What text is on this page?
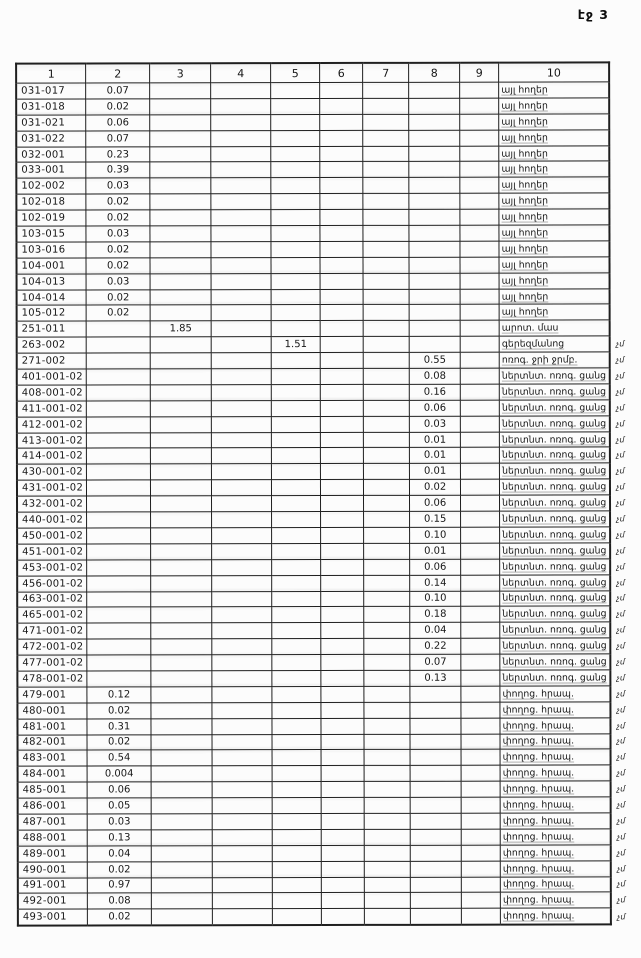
էջ 3
1	2	3	4	5	6	7	8	9	10	
031-017	0.07								այլ հողեր	
031-018	0.02								այլ հողեր	
031-021	0.06								այլ հողեր	
031-022	0.07								այլ հողեր	
032-001	0.23								այլ հողեր	
033-001	0.39								այլ հողեր	
102-002	0.03								այլ հողեր	
102-018	0.02								այլ հողեր	
102-019	0.02								այլ հողեր	
103-015	0.03								այլ հողեր	
103-016	0.02								այլ հողեր	
104-001	0.02								այլ հողեր	
104-013	0.03								այլ հողեր	
104-014	0.02								այլ հողեր	
105-012	0.02								այլ հողեր	
251-011		1.85							արոտ. մաս	
263-002				1.51					գերեզմանոց	չմ
271-002							0.55		ոռոգ. ջրի ջրմբ.	չմ
401-001-02							0.08		ներտնտ. ոռոգ. ցանց	չմ
408-001-02							0.16		ներտնտ. ոռոգ. ցանց	չմ
411-001-02							0.06		ներտնտ. ոռոգ. ցանց	չմ
412-001-02							0.03		ներտնտ. ոռոգ. ցանց	չմ
413-001-02							0.01		ներտնտ. ոռոգ. ցանց	չմ
414-001-02							0.01		ներտնտ. ոռոգ. ցանց	չմ
430-001-02							0.01		ներտնտ. ոռոգ. ցանց	չմ
431-001-02							0.02		ներտնտ. ոռոգ. ցանց	չմ
432-001-02							0.06		ներտնտ. ոռոգ. ցանց	չմ
440-001-02							0.15		ներտնտ. ոռոգ. ցանց	չմ
450-001-02							0.10		ներտնտ. ոռոգ. ցանց	չմ
451-001-02							0.01		ներտնտ. ոռոգ. ցանց	չմ
453-001-02							0.06		ներտնտ. ոռոգ. ցանց	չմ
456-001-02							0.14		ներտնտ. ոռոգ. ցանց	չմ
463-001-02							0.10		ներտնտ. ոռոգ. ցանց	չմ
465-001-02							0.18		ներտնտ. ոռոգ. ցանց	չմ
471-001-02							0.04		ներտնտ. ոռոգ. ցանց	չմ
472-001-02							0.22		ներտնտ. ոռոգ. ցանց	չմ
477-001-02							0.07		ներտնտ. ոռոգ. ցանց	չմ
478-001-02							0.13		ներտնտ. ոռոգ. ցանց	չմ
479-001	0.12								փողոց. հրապ.	չմ
480-001	0.02								փողոց. հրապ.	չմ
481-001	0.31								փողոց. հրապ.	չմ
482-001	0.02								փողոց. հրապ.	չմ
483-001	0.54								փողոց. հրապ.	չմ
484-001	0.004								փողոց. հրապ.	չմ
485-001	0.06								փողոց. հրապ.	չմ
486-001	0.05								փողոց. հրապ.	չմ
487-001	0.03								փողոց. հրապ.	չմ
488-001	0.13								փողոց. հրապ.	չմ
489-001	0.04								փողոց. հրապ.	չմ
490-001	0.02								փողոց. հրապ.	չմ
491-001	0.97								փողոց. հրապ.	չմ
492-001	0.08								փողոց. հրապ.	չմ
493-001	0.02								փողոց. հրապ.	չմ
